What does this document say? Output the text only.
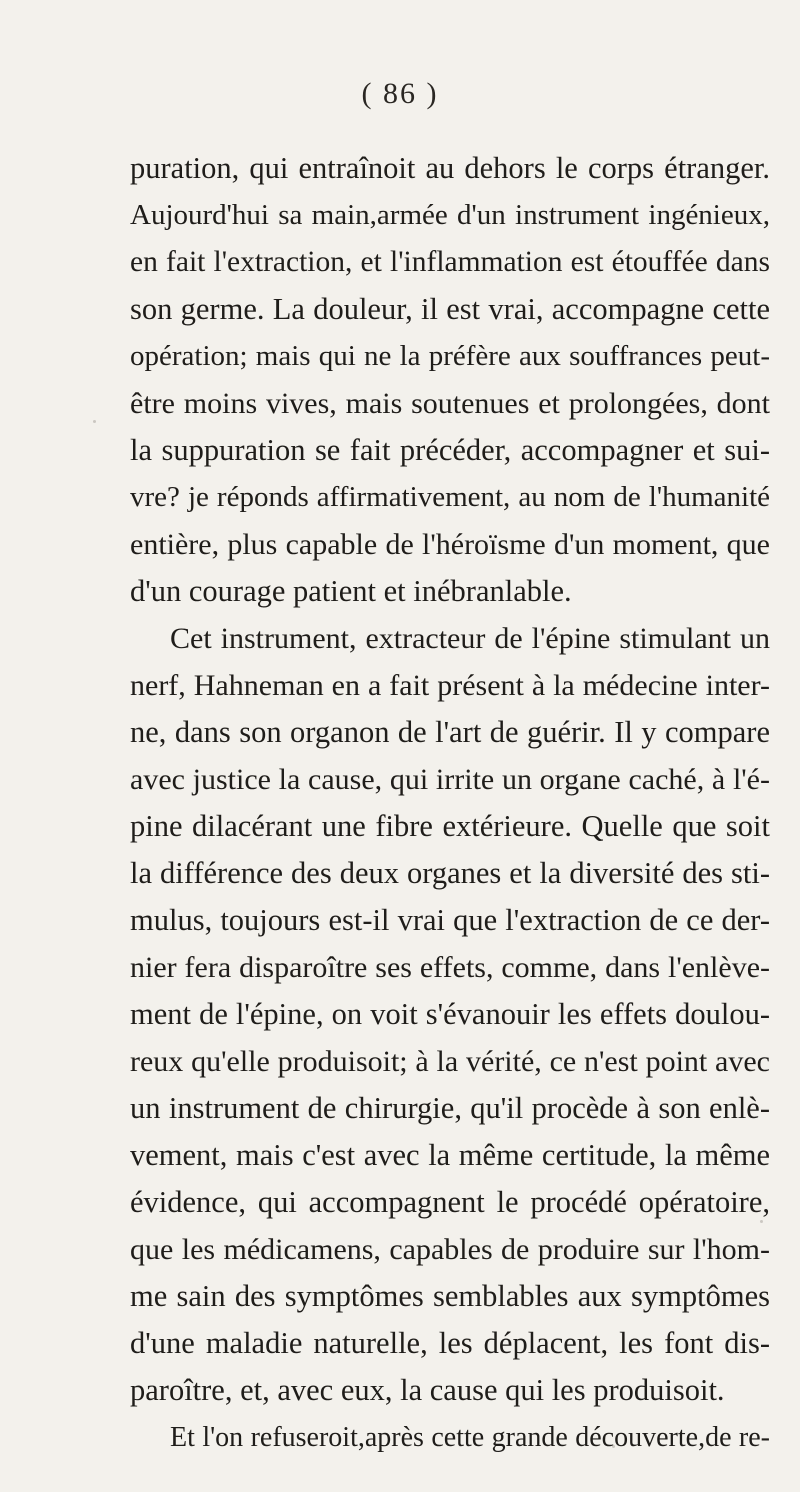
( 86 )
puration, qui entraînoit au dehors le corps étranger.
Aujourd'hui sa main,armée d'un instrument ingénieux,
en fait l'extraction, et l'inflammation est étouffée dans
son germe. La douleur, il est vrai, accompagne cette
opération; mais qui ne la préfère aux souffrances peut-
être moins vives, mais soutenues et prolongées, dont
la suppuration se fait précéder, accompagner et sui-
vre? je réponds affirmativement, au nom de l'humanité
entière, plus capable de l'héroïsme d'un moment, que
d'un courage patient et inébranlable.
Cet instrument, extracteur de l'épine stimulant un
nerf, Hahneman en a fait présent à la médecine inter-
ne, dans son organon de l'art de guérir. Il y compare
avec justice la cause, qui irrite un organe caché, à l'é-
pine dilacérant une fibre extérieure. Quelle que soit
la différence des deux organes et la diversité des sti-
mulus, toujours est-il vrai que l'extraction de ce der-
nier fera disparoître ses effets, comme, dans l'enlève-
ment de l'épine, on voit s'évanouir les effets doulou-
reux qu'elle produisoit; à la vérité, ce n'est point avec
un instrument de chirurgie, qu'il procède à son enlè-
vement, mais c'est avec la même certitude, la même
évidence, qui accompagnent le procédé opératoire,
que les médicamens, capables de produire sur l'hom-
me sain des symptômes semblables aux symptômes
d'une maladie naturelle, les déplacent, les font dis-
paroître, et, avec eux, la cause qui les produisoit.
Et l'on refuseroit,après cette grande découverte,de re-
